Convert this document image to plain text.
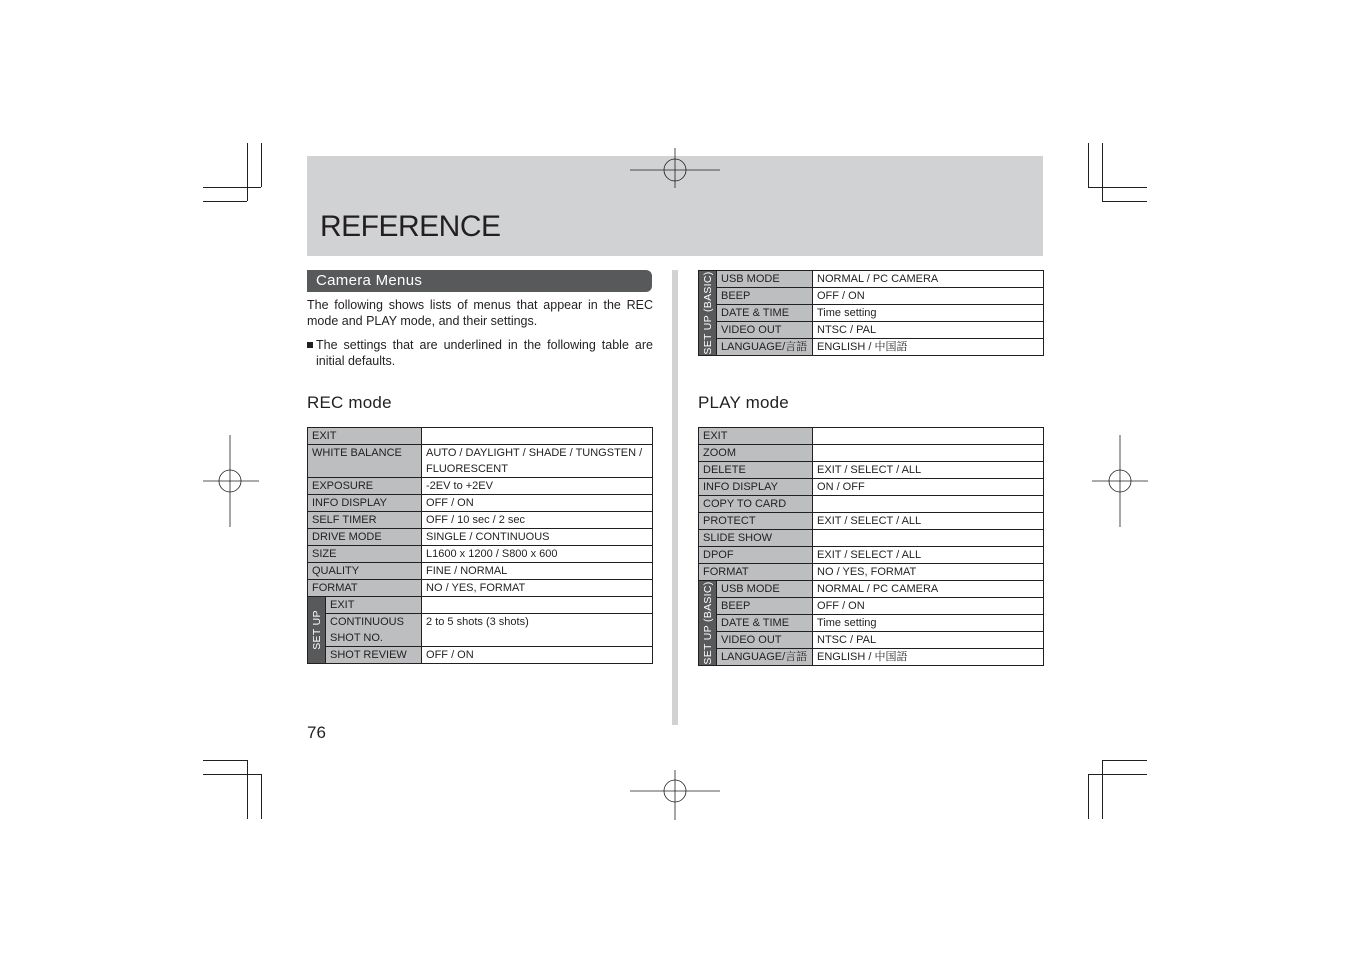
REFERENCE
Camera Menus
The following shows lists of menus that appear in the REC mode and PLAY mode, and their settings.
The settings that are underlined in the following table are initial defaults.
REC mode
EXIT		
WHITE BALANCE		AUTO / DAYLIGHT / SHADE / TUNGSTEN / FLUORESCENT
EXPOSURE		-2EV to +2EV
INFO DISPLAY		OFF / ON
SELF TIMER		OFF / 10 sec / 2 sec
DRIVE MODE		SINGLE / CONTINUOUS
SIZE		L1600 x 1200 / S800 x 600
QUALITY		FINE / NORMAL
FORMAT		NO / YES, FORMAT

SET UP	EXIT	
	CONTINUOUS SHOT NO.	2 to 5 shots (3 shots)
	SHOT REVIEW	OFF / ON
76
SET UP (BASIC)	USB MODE	NORMAL / PC CAMERA
	BEEP	OFF / ON
	DATE & TIME	Time setting
	VIDEO OUT	NTSC / PAL
	LANGUAGE/言語	ENGLISH / 中国語
PLAY mode
EXIT		
ZOOM		
DELETE		EXIT / SELECT / ALL
INFO DISPLAY		ON / OFF
COPY TO CARD		
PROTECT		EXIT / SELECT / ALL
SLIDE SHOW		
DPOF		EXIT / SELECT / ALL
FORMAT		NO / YES, FORMAT

SET UP (BASIC)	USB MODE	NORMAL / PC CAMERA
	BEEP	OFF / ON
	DATE & TIME	Time setting
	VIDEO OUT	NTSC / PAL
	LANGUAGE/言語	ENGLISH / 中国語
